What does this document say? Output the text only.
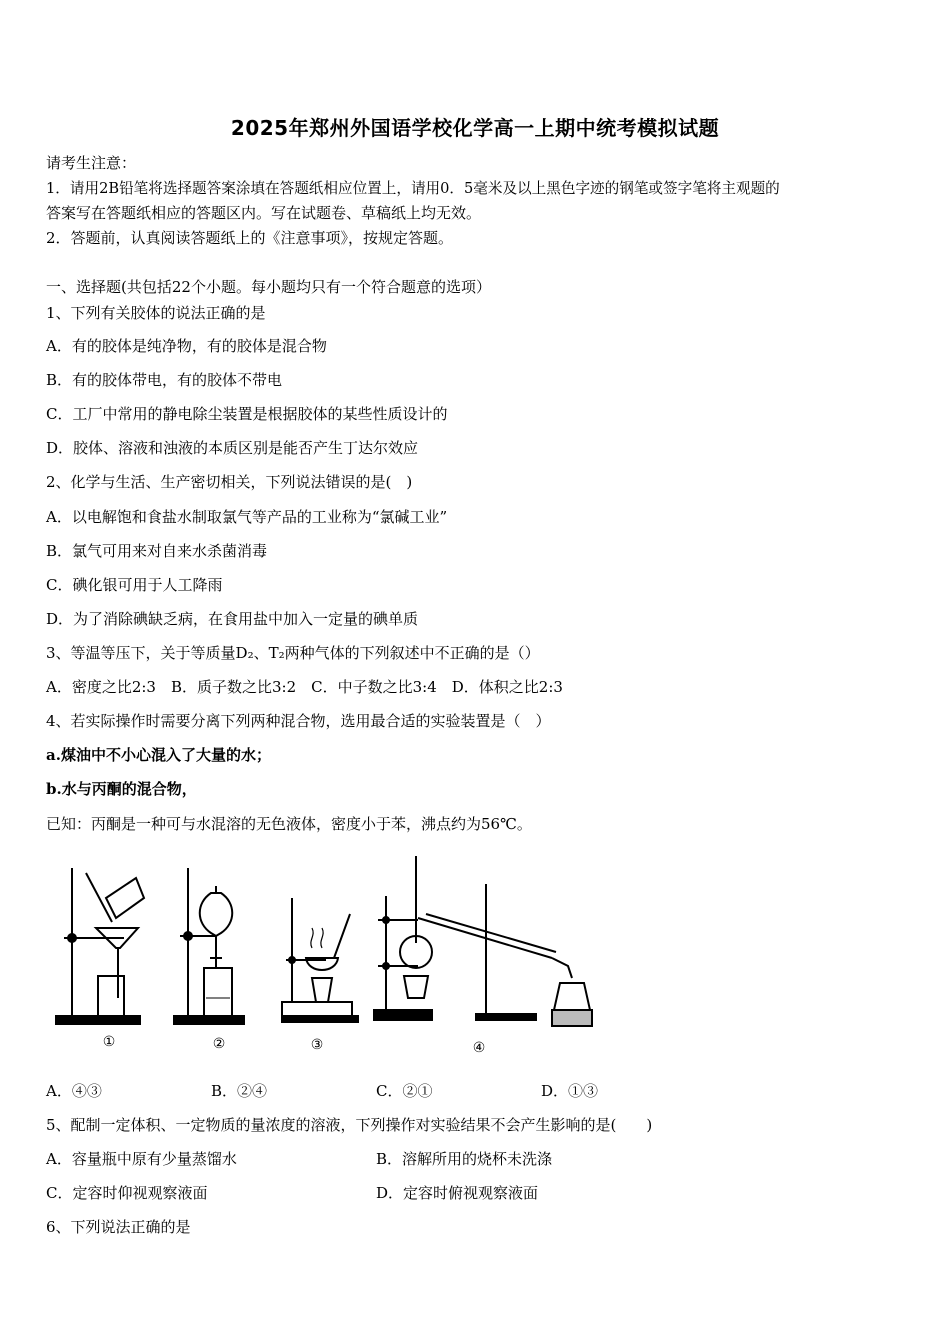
2025年郑州外国语学校化学高一上期中统考模拟试题
请考生注意：
1．请用2B铅笔将选择题答案涂填在答题纸相应位置上，请用0．5毫米及以上黑色字迹的钢笔或签字笔将主观题的
答案写在答题纸相应的答题区内。写在试题卷、草稿纸上均无效。
2．答题前，认真阅读答题纸上的《注意事项》，按规定答题。
一、选择题(共包括22个小题。每小题均只有一个符合题意的选项）
1、下列有关胶体的说法正确的是
A．有的胶体是纯净物，有的胶体是混合物
B．有的胶体带电，有的胶体不带电
C．工厂中常用的静电除尘装置是根据胶体的某些性质设计的
D．胶体、溶液和浊液的本质区别是能否产生丁达尔效应
2、化学与生活、生产密切相关，下列说法错误的是(　)
A．以电解饱和食盐水制取氯气等产品的工业称为“氯碱工业”
B．氯气可用来对自来水杀菌消毒
C．碘化银可用于人工降雨
D．为了消除碘缺乏病，在食用盐中加入一定量的碘单质
3、等温等压下，关于等质量D₂、T₂两种气体的下列叙述中不正确的是（）
A．密度之比2:3　B．质子数之比3:2　C．中子数之比3:4　D．体积之比2:3
4、若实际操作时需要分离下列两种混合物，选用最合适的实验装置是（　）
a.煤油中不小心混入了大量的水；
b.水与丙酮的混合物，
已知：丙酮是一种可与水混溶的无色液体，密度小于苯，沸点约为56℃。
①	②	③	④
A．④③	B．②④	C．②①	D．①③
5、配制一定体积、一定物质的量浓度的溶液，下列操作对实验结果不会产生影响的是(　　)
A．容量瓶中原有少量蒸馏水	B．溶解所用的烧杯未洗涤
C．定容时仰视观察液面	D．定容时俯视观察液面
6、下列说法正确的是
